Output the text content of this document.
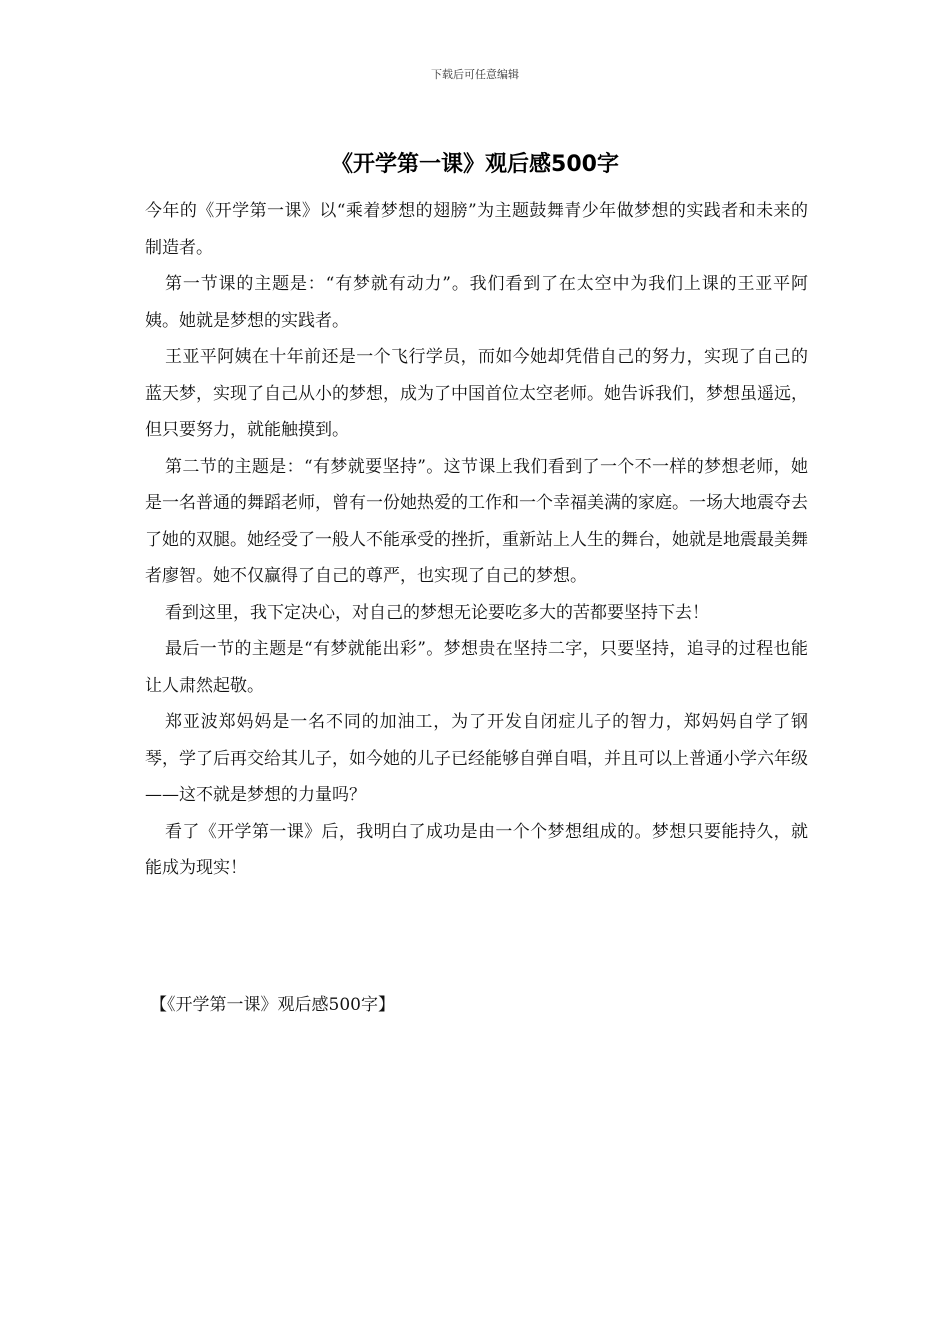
下载后可任意编辑
《开学第一课》观后感500字

今年的《开学第一课》以“乘着梦想的翅膀”为主题鼓舞青少年做梦想的实践者和未来的制造者。

第一节课的主题是：“有梦就有动力”。我们看到了在太空中为我们上课的王亚平阿姨。她就是梦想的实践者。

王亚平阿姨在十年前还是一个飞行学员，而如今她却凭借自己的努力，实现了自己的蓝天梦，实现了自己从小的梦想，成为了中国首位太空老师。她告诉我们，梦想虽遥远，但只要努力，就能触摸到。

第二节的主题是：“有梦就要坚持”。这节课上我们看到了一个不一样的梦想老师，她是一名普通的舞蹈老师，曾有一份她热爱的工作和一个幸福美满的家庭。一场大地震夺去了她的双腿。她经受了一般人不能承受的挫折，重新站上人生的舞台，她就是地震最美舞者廖智。她不仅赢得了自己的尊严，也实现了自己的梦想。

看到这里，我下定决心，对自己的梦想无论要吃多大的苦都要坚持下去！

最后一节的主题是“有梦就能出彩”。梦想贵在坚持二字，只要坚持，追寻的过程也能让人肃然起敬。

郑亚波郑妈妈是一名不同的加油工，为了开发自闭症儿子的智力，郑妈妈自学了钢琴，学了后再交给其儿子，如今她的儿子已经能够自弹自唱，并且可以上普通小学六年级——这不就是梦想的力量吗？

看了《开学第一课》后，我明白了成功是由一个个梦想组成的。梦想只要能持久，就能成为现实！

【《开学第一课》观后感500字】
